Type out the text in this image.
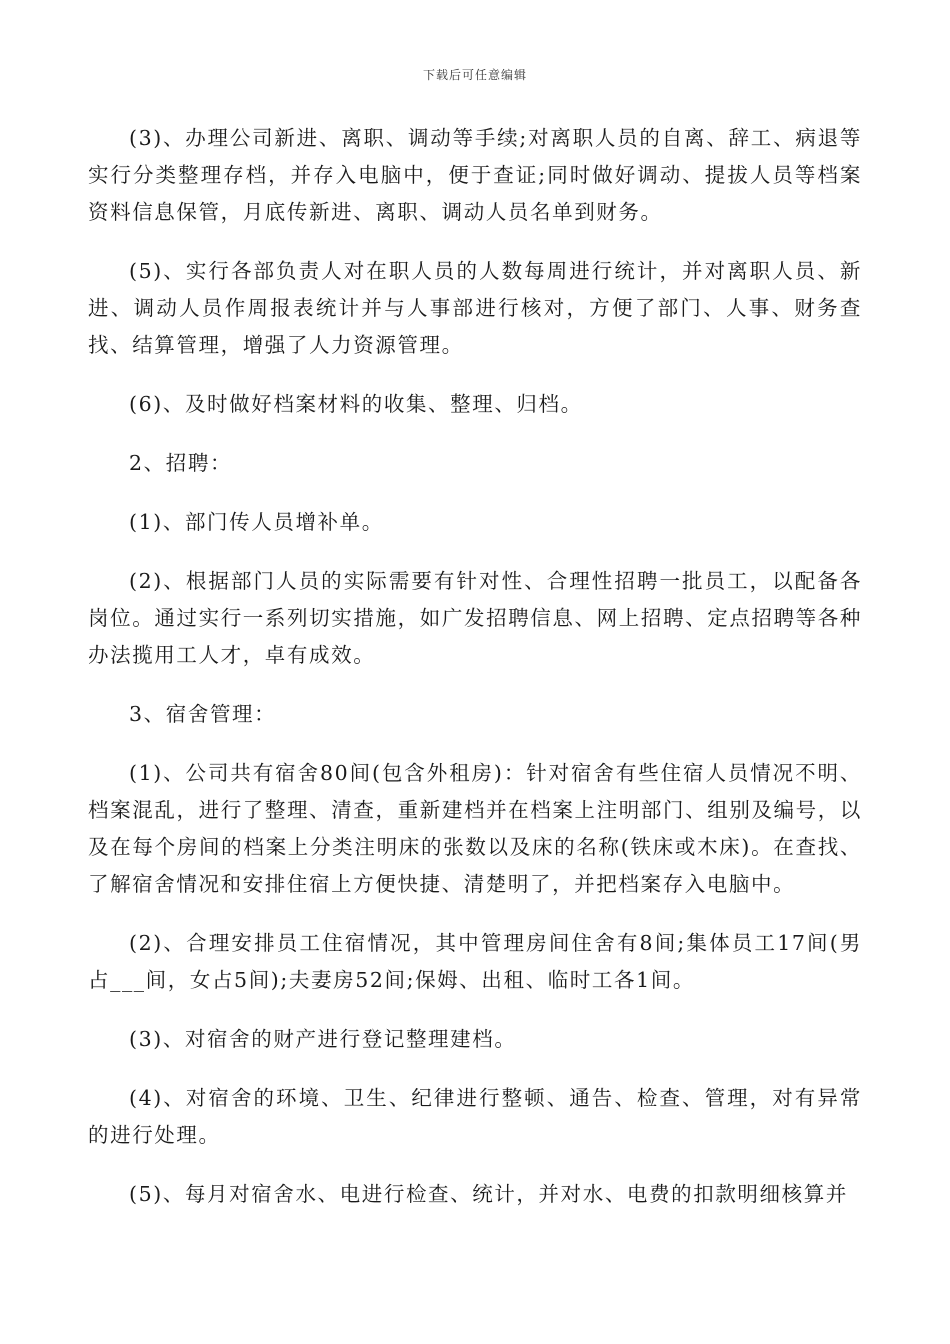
下载后可任意编辑

(3)、办理公司新进、离职、调动等手续;对离职人员的自离、辞工、病退等实行分类整理存档，并存入电脑中，便于查证;同时做好调动、提拔人员等档案资料信息保管，月底传新进、离职、调动人员名单到财务。

(5)、实行各部负责人对在职人员的人数每周进行统计，并对离职人员、新进、调动人员作周报表统计并与人事部进行核对，方便了部门、人事、财务查找、结算管理，增强了人力资源管理。

(6)、及时做好档案材料的收集、整理、归档。

2、招聘：

(1)、部门传人员增补单。

(2)、根据部门人员的实际需要有针对性、合理性招聘一批员工，以配备各岗位。通过实行一系列切实措施，如广发招聘信息、网上招聘、定点招聘等各种办法揽用工人才，卓有成效。

3、宿舍管理：

(1)、公司共有宿舍80间(包含外租房)：针对宿舍有些住宿人员情况不明、档案混乱，进行了整理、清查，重新建档并在档案上注明部门、组别及编号，以及在每个房间的档案上分类注明床的张数以及床的名称(铁床或木床)。在查找、了解宿舍情况和安排住宿上方便快捷、清楚明了，并把档案存入电脑中。

(2)、合理安排员工住宿情况，其中管理房间住舍有8间;集体员工17间(男占___间，女占5间);夫妻房52间;保姆、出租、临时工各1间。

(3)、对宿舍的财产进行登记整理建档。

(4)、对宿舍的环境、卫生、纪律进行整顿、通告、检查、管理，对有异常的进行处理。

(5)、每月对宿舍水、电进行检查、统计，并对水、电费的扣款明细核算并
